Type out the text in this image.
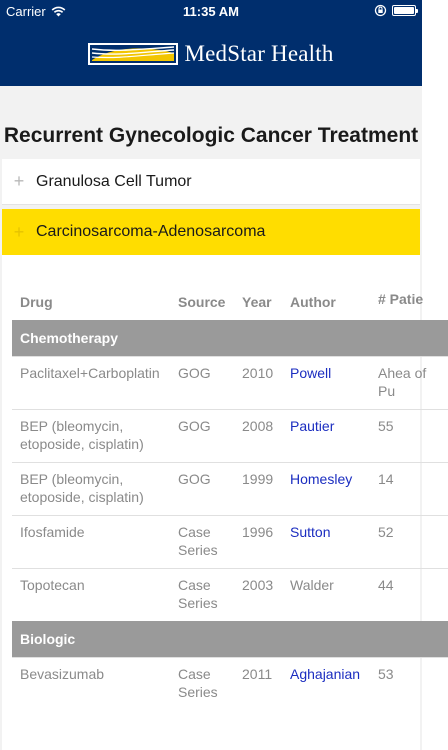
Carrier	11:35 AM
MedStar Health
Recurrent Gynecologic Cancer Treatment
+ Granulosa Cell Tumor
+ Carcinosarcoma-Adenosarcoma
Drug	Source	Year	Author	# Patie
Chemotherapy				
Paclitaxel+Carboplatin	GOG	2010	Powell	Ahea of Pu
BEP (bleomycin, etoposide, cisplatin)	GOG	2008	Pautier	55
BEP (bleomycin, etoposide, cisplatin)	GOG	1999	Homesley	14
Ifosfamide	Case Series	1996	Sutton	52
Topotecan	Case Series	2003	Walder	44
Biologic				
Bevasizumab	Case Series	2011	Aghajanian	53
